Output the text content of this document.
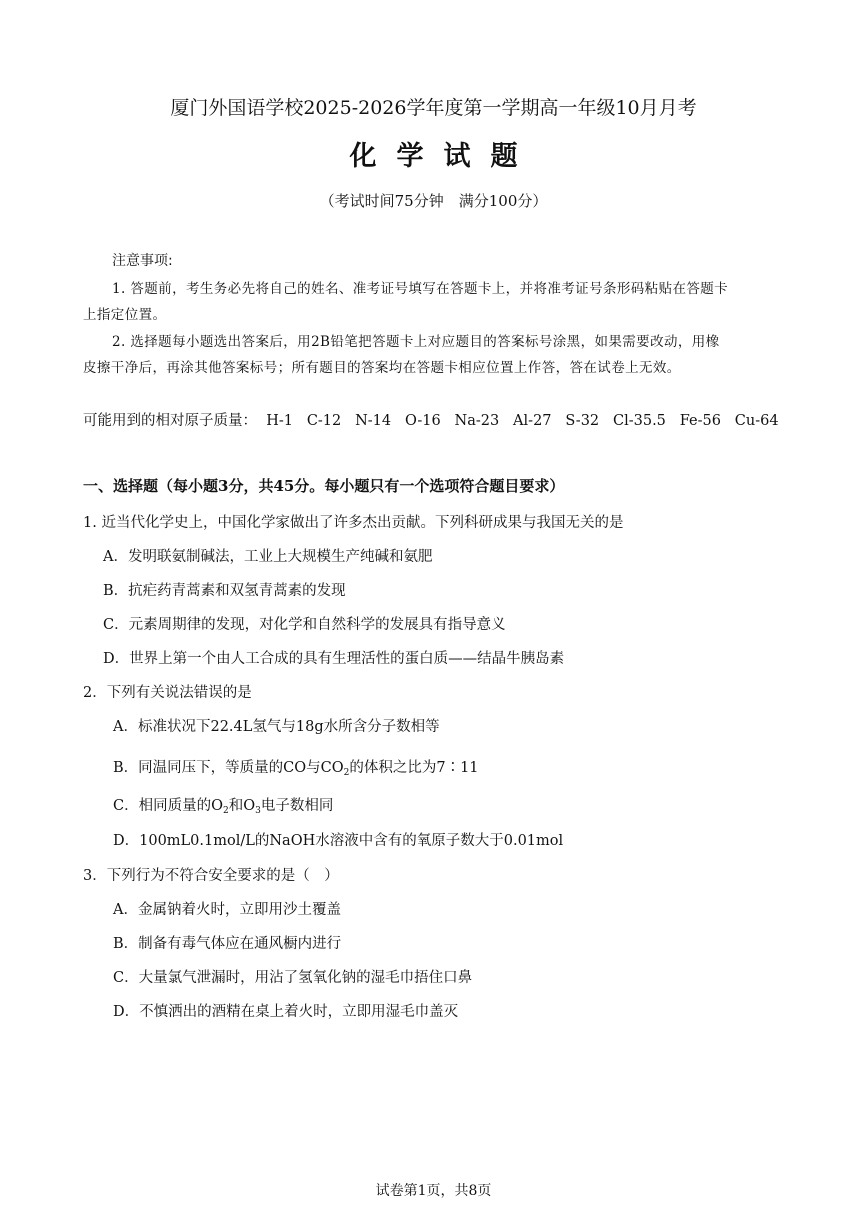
厦门外国语学校2025-2026学年度第一学期高一年级10月月考
化学试题
（考试时间75分钟　满分100分）
注意事项:
1. 答题前，考生务必先将自己的姓名、准考证号填写在答题卡上，并将准考证号条形码粘贴在答题卡
上指定位置。
2. 选择题每小题选出答案后，用2B铅笔把答题卡上对应题目的答案标号涂黑，如果需要改动，用橡
皮擦干净后，再涂其他答案标号；所有题目的答案均在答题卡相应位置上作答，答在试卷上无效。
可能用到的相对原子质量：  H-1   C-12   N-14   O-16   Na-23   Al-27   S-32   Cl-35.5   Fe-56   Cu-64
一、选择题（每小题3分，共45分。每小题只有一个选项符合题目要求）
1. 近当代化学史上，中国化学家做出了许多杰出贡献。下列科研成果与我国无关的是
A．发明联氨制碱法，工业上大规模生产纯碱和氨肥
B．抗疟药青蒿素和双氢青蒿素的发现
C．元素周期律的发现，对化学和自然科学的发展具有指导意义
D．世界上第一个由人工合成的具有生理活性的蛋白质——结晶牛胰岛素
2．下列有关说法错误的是
A．标准状况下22.4L氢气与18g水所含分子数相等
B．同温同压下，等质量的CO与$CO_2$的体积之比为7∶11
C．相同质量的$O_2$和$O_3$电子数相同
D．100mL0.1mol/L的NaOH水溶液中含有的氧原子数大于0.01mol
3．下列行为不符合安全要求的是（　）
A．金属钠着火时，立即用沙土覆盖
B．制备有毒气体应在通风橱内进行
C．大量氯气泄漏时，用沾了氢氧化钠的湿毛巾捂住口鼻
D．不慎洒出的酒精在桌上着火时，立即用湿毛巾盖灭
试卷第1页，共8页
